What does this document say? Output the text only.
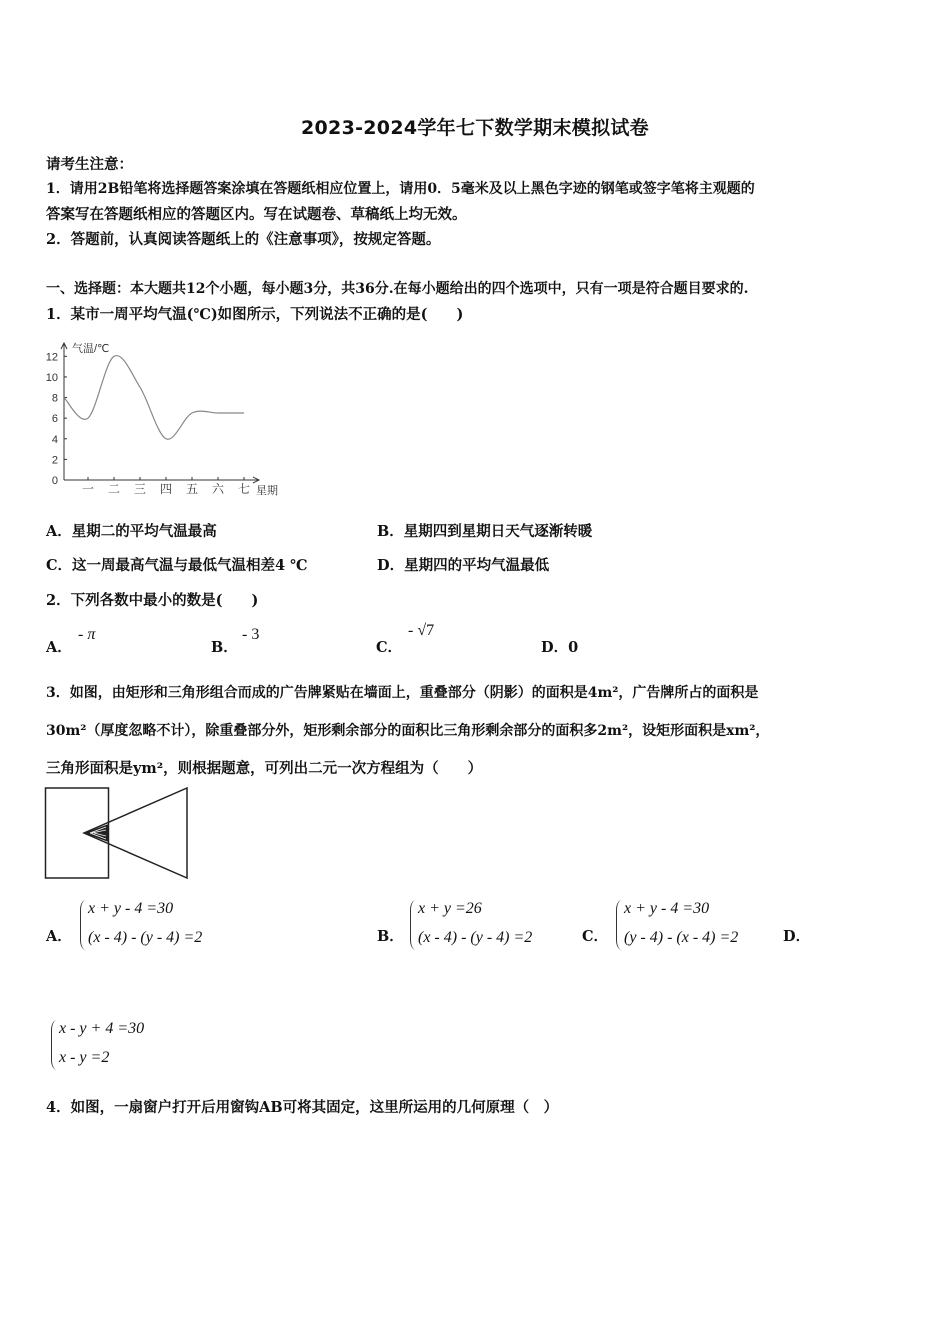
2023-2024学年七下数学期末模拟试卷
请考生注意：
1．请用2B铅笔将选择题答案涂填在答题纸相应位置上，请用0．5毫米及以上黑色字迹的钢笔或签字笔将主观题的
答案写在答题纸相应的答题区内。写在试题卷、草稿纸上均无效。
2．答题前，认真阅读答题纸上的《注意事项》，按规定答题。
一、选择题：本大题共12个小题，每小题3分，共36分.在每小题给出的四个选项中，只有一项是符合题目要求的.
1．某市一周平均气温(℃)如图所示，下列说法不正确的是(　　)
0
2
4
6
8
10
12
一 二 三 四 五 六 七
气温/℃
星期
A．星期二的平均气温最高	B．星期四到星期日天气逐渐转暖
C．这一周最高气温与最低气温相差4 ℃	D．星期四的平均气温最低
2．下列各数中最小的数是(　　)
A．
- π
B．
- 3
C．
- √7
D．0
3．如图，由矩形和三角形组合而成的广告牌紧贴在墙面上，重叠部分（阴影）的面积是4m²，广告牌所占的面积是
30m²（厚度忽略不计），除重叠部分外，矩形剩余部分的面积比三角形剩余部分的面积多2m²，设矩形面积是xm²，
三角形面积是ym²，则根据题意，可列出二元一次方程组为（　　）
A．
x + y - 4 =30
(x - 4) - (y - 4) =2	B．
x + y =26
(x - 4) - (y - 4) =2	C．
x + y - 4 =30
(y - 4) - (x - 4) =2	D．
x - y + 4 =30
x - y =2
4．如图，一扇窗户打开后用窗钩AB可将其固定，这里所运用的几何原理（　）
